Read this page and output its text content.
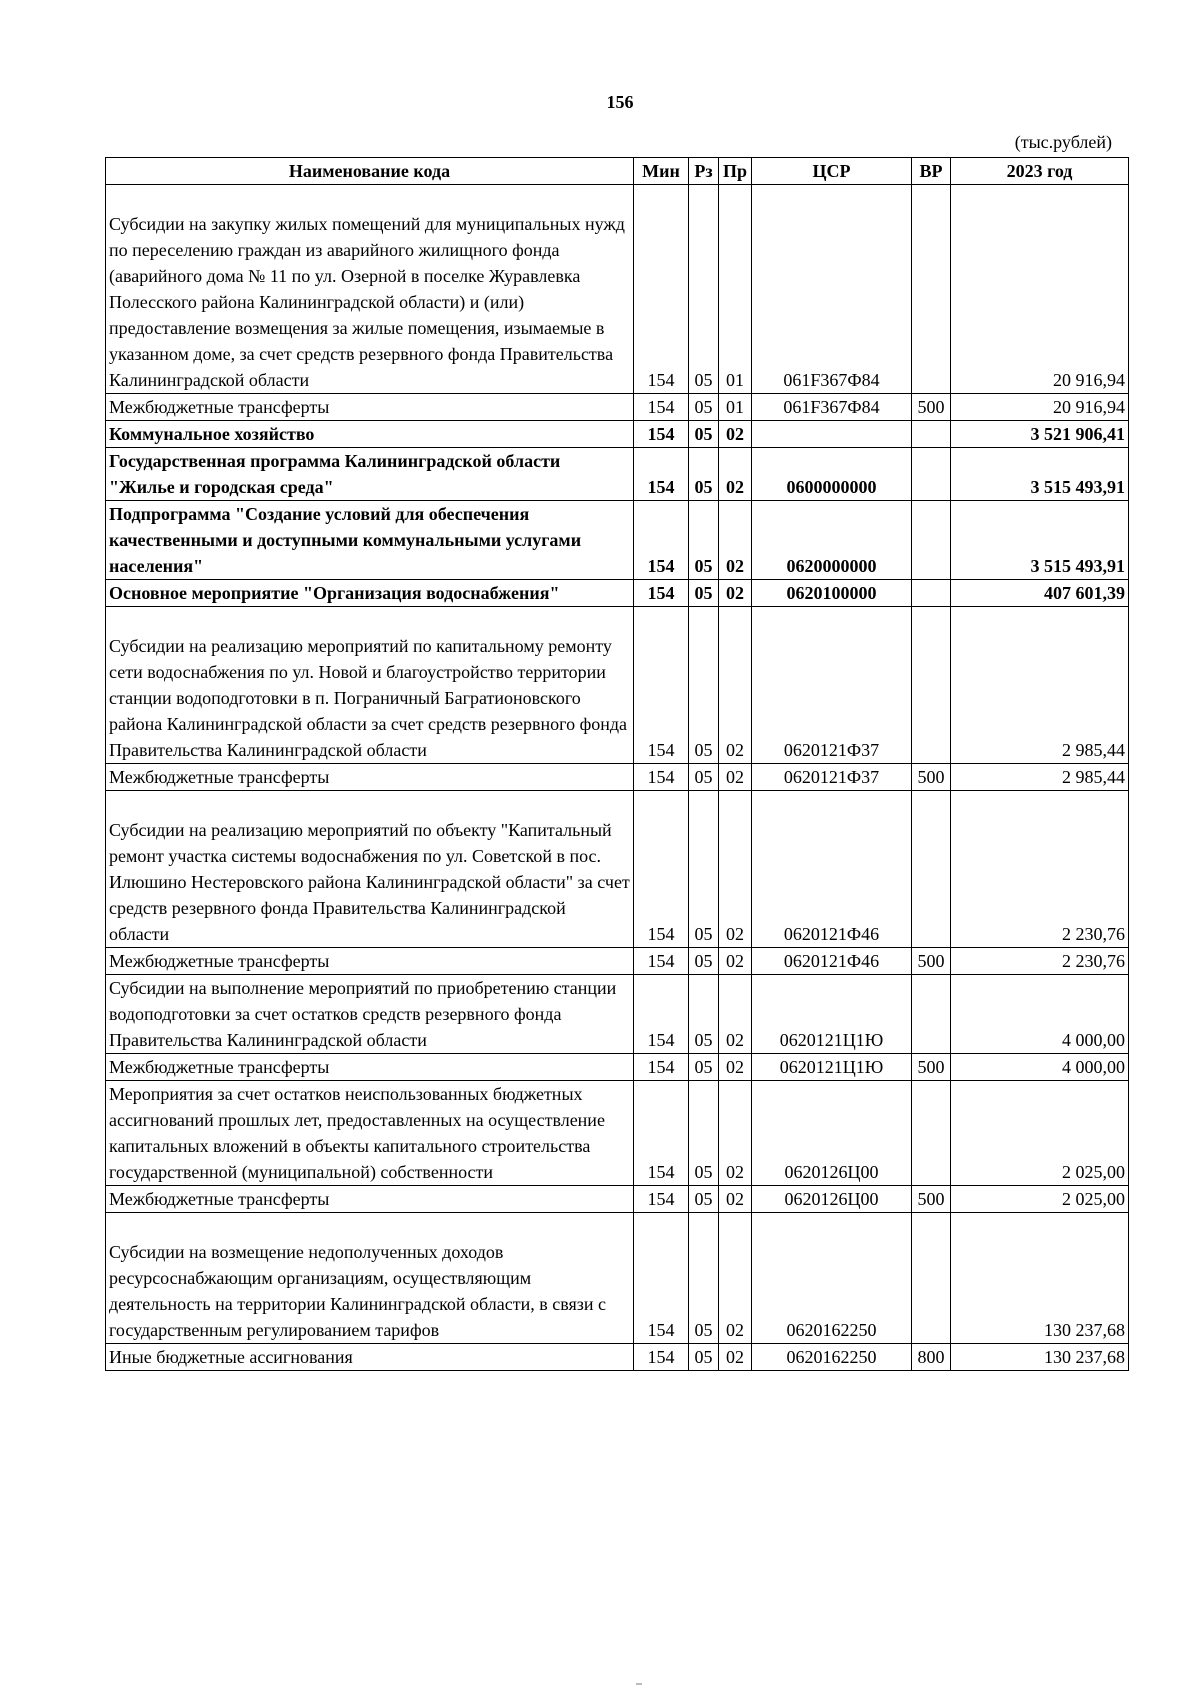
156
(тыс.рублей)
Наименование кода	Мин	Рз	Пр	ЦСР	ВР	2023 год

Субсидии на закупку жилых помещений для муниципальных нужд по переселению граждан из аварийного жилищного фонда (аварийного дома № 11 по ул. Озерной в поселке Журавлевка Полесского района Калининградской области) и (или) предоставление возмещения за жилые помещения, изымаемые в указанном доме, за счет средств резервного фонда Правительства Калининградской области	154	05	01	061F367Ф84		20 916,94
Межбюджетные трансферты	154	05	01	061F367Ф84	500	20 916,94
Коммунальное хозяйство	154	05	02			3 521 906,41
Государственная программа Калининградской области "Жилье и городская среда"	154	05	02	0600000000		3 515 493,91
Подпрограмма "Создание условий для обеспечения качественными и доступными коммунальными услугами населения"	154	05	02	0620000000		3 515 493,91
Основное мероприятие "Организация водоснабжения"	154	05	02	0620100000		407 601,39

Субсидии на реализацию мероприятий по капитальному ремонту сети водоснабжения по ул. Новой и благоустройство территории станции водоподготовки в п. Пограничный Багратионовского района Калининградской области за счет средств резервного фонда Правительства Калининградской области	154	05	02	0620121Ф37		2 985,44
Межбюджетные трансферты	154	05	02	0620121Ф37	500	2 985,44

Субсидии на реализацию мероприятий по объекту "Капитальный ремонт участка системы водоснабжения по ул. Советской в пос. Илюшино Нестеровского района Калининградской области" за счет средств резервного фонда Правительства Калининградской области	154	05	02	0620121Ф46		2 230,76
Межбюджетные трансферты	154	05	02	0620121Ф46	500	2 230,76
Субсидии на выполнение мероприятий по приобретению станции водоподготовки за счет остатков средств резервного фонда Правительства Калининградской области	154	05	02	0620121Ц1Ю		4 000,00
Межбюджетные трансферты	154	05	02	0620121Ц1Ю	500	4 000,00
Мероприятия за счет остатков неиспользованных бюджетных ассигнований прошлых лет, предоставленных на осуществление капитальных вложений в объекты капитального строительства государственной (муниципальной) собственности	154	05	02	0620126Ц00		2 025,00
Межбюджетные трансферты	154	05	02	0620126Ц00	500	2 025,00

Субсидии на возмещение недополученных доходов ресурсоснабжающим организациям, осуществляющим деятельность на территории Калининградской области, в связи с государственным регулированием тарифов	154	05	02	0620162250		130 237,68
Иные бюджетные ассигнования	154	05	02	0620162250	800	130 237,68
